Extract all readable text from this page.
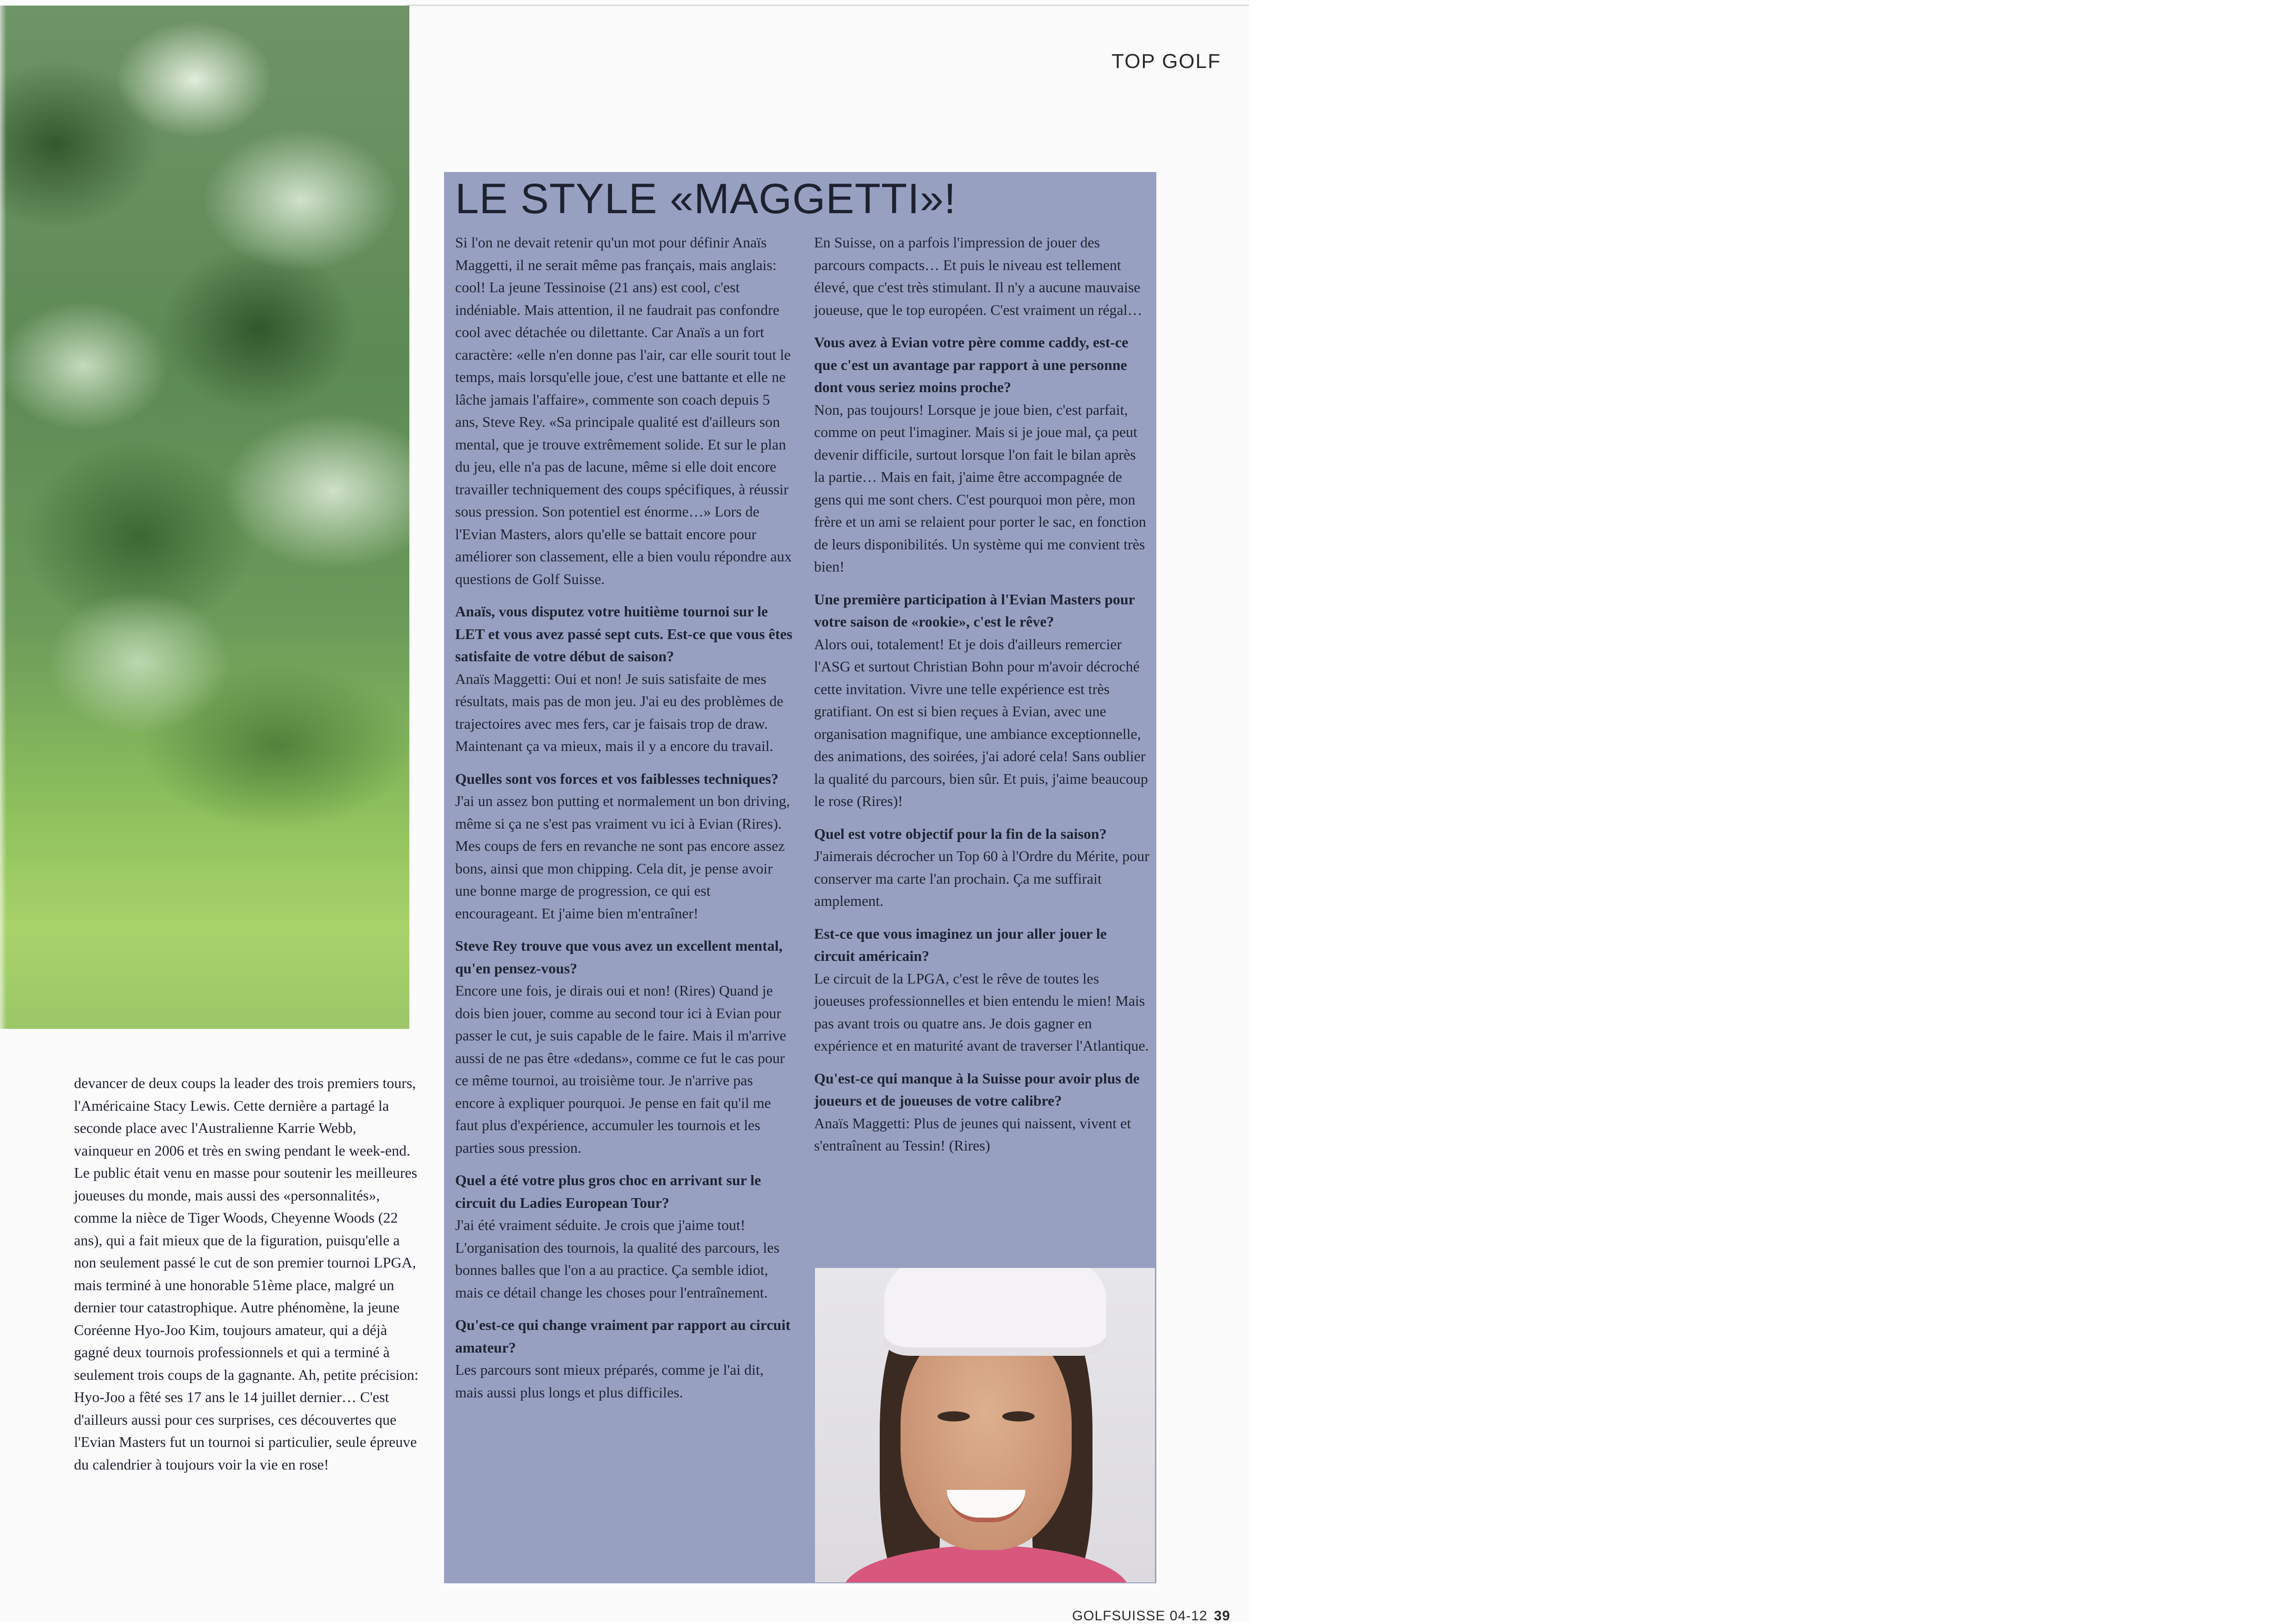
TOP GOLF

devancer de deux coups la leader des trois premiers tours, l'Américaine Stacy Lewis. Cette dernière a partagé la seconde place avec l'Australienne Karrie Webb, vainqueur en 2006 et très en swing pendant le week-end.

Le public était venu en masse pour soutenir les meilleures joueuses du monde, mais aussi des «personnalités», comme la nièce de Tiger Woods, Cheyenne Woods (22 ans), qui a fait mieux que de la figuration, puisqu'elle a non seulement passé le cut de son premier tournoi LPGA, mais terminé à une honorable 51ème place, malgré un dernier tour catastrophique. Autre phénomène, la jeune Coréenne Hyo-Joo Kim, toujours amateur, qui a déjà gagné deux tournois professionnels et qui a terminé à seulement trois coups de la gagnante. Ah, petite précision: Hyo-Joo a fêté ses 17 ans le 14 juillet dernier… C'est d'ailleurs aussi pour ces surprises, ces découvertes que l'Evian Masters fut un tournoi si particulier, seule épreuve du calendrier à toujours voir la vie en rose!

LE STYLE «MAGGETTI»!

Si l'on ne devait retenir qu'un mot pour définir Anaïs Maggetti, il ne serait même pas français, mais anglais: cool! La jeune Tessinoise (21 ans) est cool, c'est indéniable. Mais attention, il ne faudrait pas confondre cool avec détachée ou dilettante. Car Anaïs a un fort caractère: «elle n'en donne pas l'air, car elle sourit tout le temps, mais lorsqu'elle joue, c'est une battante et elle ne lâche jamais l'affaire», commente son coach depuis 5 ans, Steve Rey. «Sa principale qualité est d'ailleurs son mental, que je trouve extrêmement solide. Et sur le plan du jeu, elle n'a pas de lacune, même si elle doit encore travailler techniquement des coups spécifiques, à réussir sous pression. Son potentiel est énorme…» Lors de l'Evian Masters, alors qu'elle se battait encore pour améliorer son classement, elle a bien voulu répondre aux questions de Golf Suisse.

Anaïs, vous disputez votre huitième tournoi sur le LET et vous avez passé sept cuts. Est-ce que vous êtes satisfaite de votre début de saison?

Anaïs Maggetti: Oui et non! Je suis satisfaite de mes résultats, mais pas de mon jeu. J'ai eu des problèmes de trajectoires avec mes fers, car je faisais trop de draw. Maintenant ça va mieux, mais il y a encore du travail.

Quelles sont vos forces et vos faiblesses techniques?

J'ai un assez bon putting et normalement un bon driving, même si ça ne s'est pas vraiment vu ici à Evian (Rires). Mes coups de fers en revanche ne sont pas encore assez bons, ainsi que mon chipping. Cela dit, je pense avoir une bonne marge de progression, ce qui est encourageant. Et j'aime bien m'entraîner!

Steve Rey trouve que vous avez un excellent mental, qu'en pensez-vous?

Encore une fois, je dirais oui et non! (Rires) Quand je dois bien jouer, comme au second tour ici à Evian pour passer le cut, je suis capable de le faire. Mais il m'arrive aussi de ne pas être «dedans», comme ce fut le cas pour ce même tournoi, au troisième tour. Je n'arrive pas encore à expliquer pourquoi. Je pense en fait qu'il me faut plus d'expérience, accumuler les tournois et les parties sous pression.

Quel a été votre plus gros choc en arrivant sur le circuit du Ladies European Tour?

J'ai été vraiment séduite. Je crois que j'aime tout! L'organisation des tournois, la qualité des parcours, les bonnes balles que l'on a au practice. Ça semble idiot, mais ce détail change les choses pour l'entraînement.

Qu'est-ce qui change vraiment par rapport au circuit amateur?

Les parcours sont mieux préparés, comme je l'ai dit, mais aussi plus longs et plus difficiles.

En Suisse, on a parfois l'impression de jouer des parcours compacts… Et puis le niveau est tellement élevé, que c'est très stimulant. Il n'y a aucune mauvaise joueuse, que le top européen. C'est vraiment un régal…

Vous avez à Evian votre père comme caddy, est-ce que c'est un avantage par rapport à une personne dont vous seriez moins proche?

Non, pas toujours! Lorsque je joue bien, c'est parfait, comme on peut l'imaginer. Mais si je joue mal, ça peut devenir difficile, surtout lorsque l'on fait le bilan après la partie… Mais en fait, j'aime être accompagnée de gens qui me sont chers. C'est pourquoi mon père, mon frère et un ami se relaient pour porter le sac, en fonction de leurs disponibilités. Un système qui me convient très bien!

Une première participation à l'Evian Masters pour votre saison de «rookie», c'est le rêve?

Alors oui, totalement! Et je dois d'ailleurs remercier l'ASG et surtout Christian Bohn pour m'avoir décroché cette invitation. Vivre une telle expérience est très gratifiant. On est si bien reçues à Evian, avec une organisation magnifique, une ambiance exceptionnelle, des animations, des soirées, j'ai adoré cela! Sans oublier la qualité du parcours, bien sûr. Et puis, j'aime beaucoup le rose (Rires)!

Quel est votre objectif pour la fin de la saison?

J'aimerais décrocher un Top 60 à l'Ordre du Mérite, pour conserver ma carte l'an prochain. Ça me suffirait amplement.

Est-ce que vous imaginez un jour aller jouer le circuit américain?

Le circuit de la LPGA, c'est le rêve de toutes les joueuses professionnelles et bien entendu le mien! Mais pas avant trois ou quatre ans. Je dois gagner en expérience et en maturité avant de traverser l'Atlantique.

Qu'est-ce qui manque à la Suisse pour avoir plus de joueurs et de joueuses de votre calibre?

Anaïs Maggetti: Plus de jeunes qui naissent, vivent et s'entraînent au Tessin! (Rires)

GOLFSUISSE 04-12 39
